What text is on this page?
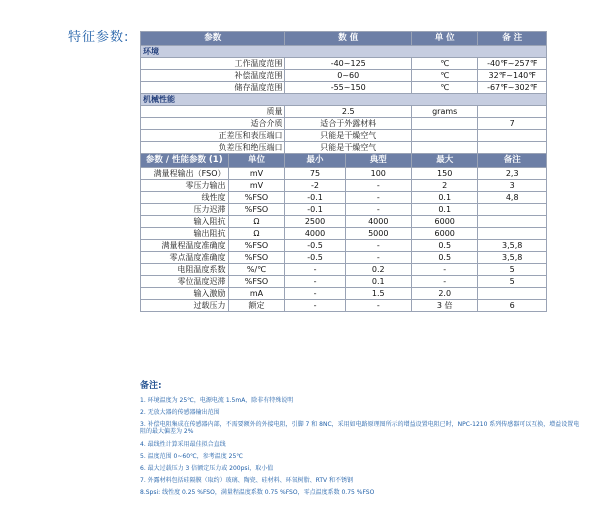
特征参数:	参数		数 值		单 位	备 注
环境					
工作温度范围		-40~125		℃	-40℉~257℉
补偿温度范围		0~60		℃	32℉~140℉
储存温度范围		-55~150		℃	-67℉~302℉
机械性能					
质量		2.5		grams	
适合介质		适合于外露材料			7
正差压和表压端口		只能是干燥空气			
负差压和绝压端口		只能是干燥空气			
参数 / 性能参数 (1)	单位	最小	典型	最大	备注
满量程输出（FSO）	mV	75	100	150	2,3
零压力输出	mV	-2	-	2	3
线性度	%FSO	-0.1	-	0.1	4,8
压力迟滞	%FSO	-0.1	-	0.1	
输入阻抗	Ω	2500	4000	6000	
输出阻抗	Ω	4000	5000	6000	
满量程温度准确度	%FSO	-0.5	-	0.5	3,5,8
零点温度准确度	%FSO	-0.5	-	0.5	3,5,8
电阻温度系数	%/℃	-	0.2	-	5
零位温度迟滞	%FSO	-	0.1	-	5
输入激励	mA	-	1.5	2.0	
过载压力	额定	-	-	3 倍	6
备注:
1. 环境温度为 25℃，电源电流 1.5mA，除非有特殊说明
2. 无放大器的传感器输出范围
3. 补偿电阻集成在传感器内部，不需要额外的外接电阻，引脚 7 和 8NC，采用如电路原理图所示的增益设置电阻已时，NPC-1210 系列传感器可以互换，增益设置电阻的最大偏差为 2%
4. 最线性计算采用最佳拟合直线
5. 温度范围 0~60℃，参考温度 25℃
6. 最大过载压力 3 倍额定压力或 200psi，取小值
7. 外露材料包括硅隔膜（取约）玻璃、陶瓷、硅材料、环氧树脂、RTV 和不锈钢
8.Spsi: 线性度 0.25 %FSO，满量程温度系数 0.75 %FSO，零点温度系数 0.75 %FSO
